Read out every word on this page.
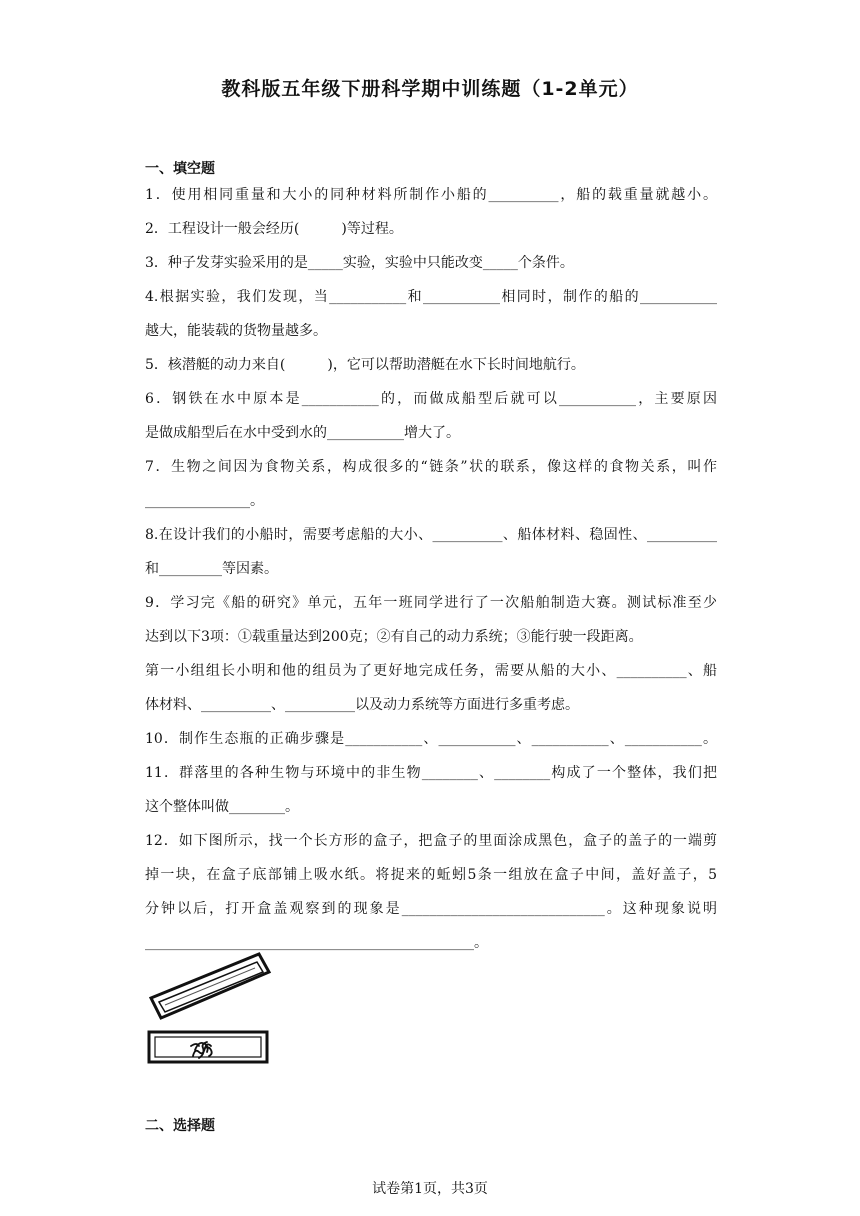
教科版五年级下册科学期中训练题（1-2单元）
一、填空题
1．使用相同重量和大小的同种材料所制作小船的__________，船的载重量就越小。
2．工程设计一般会经历(　　　)等过程。
3．种子发芽实验采用的是_____实验，实验中只能改变_____个条件。
4.根据实验，我们发现，当___________和___________相同时，制作的船的___________
越大，能装载的货物量越多。
5．核潜艇的动力来自(　　　)，它可以帮助潜艇在水下长时间地航行。
6．钢铁在水中原本是___________的，而做成船型后就可以___________，主要原因
是做成船型后在水中受到水的___________增大了。
7．生物之间因为食物关系，构成很多的“链条”状的联系，像这样的食物关系，叫作
_______________。
8.在设计我们的小船时，需要考虑船的大小、__________、船体材料、稳固性、__________
和_________等因素。
9．学习完《船的研究》单元，五年一班同学进行了一次船舶制造大赛。测试标准至少
达到以下3项：①载重量达到200克；②有自己的动力系统；③能行驶一段距离。
第一小组组长小明和他的组员为了更好地完成任务，需要从船的大小、__________、船
体材料、__________、__________以及动力系统等方面进行多重考虑。
10．制作生态瓶的正确步骤是___________、___________、___________、___________。
11．群落里的各种生物与环境中的非生物________、________构成了一个整体，我们把
这个整体叫做________。
12．如下图所示，找一个长方形的盒子，把盒子的里面涂成黑色，盒子的盖子的一端剪
掉一块，在盒子底部铺上吸水纸。将捉来的蚯蚓5条一组放在盒子中间，盖好盖子，5
分钟以后，打开盒盖观察到的现象是_____________________________。这种现象说明
_______________________________________________。
二、选择题
试卷第1页，共3页
